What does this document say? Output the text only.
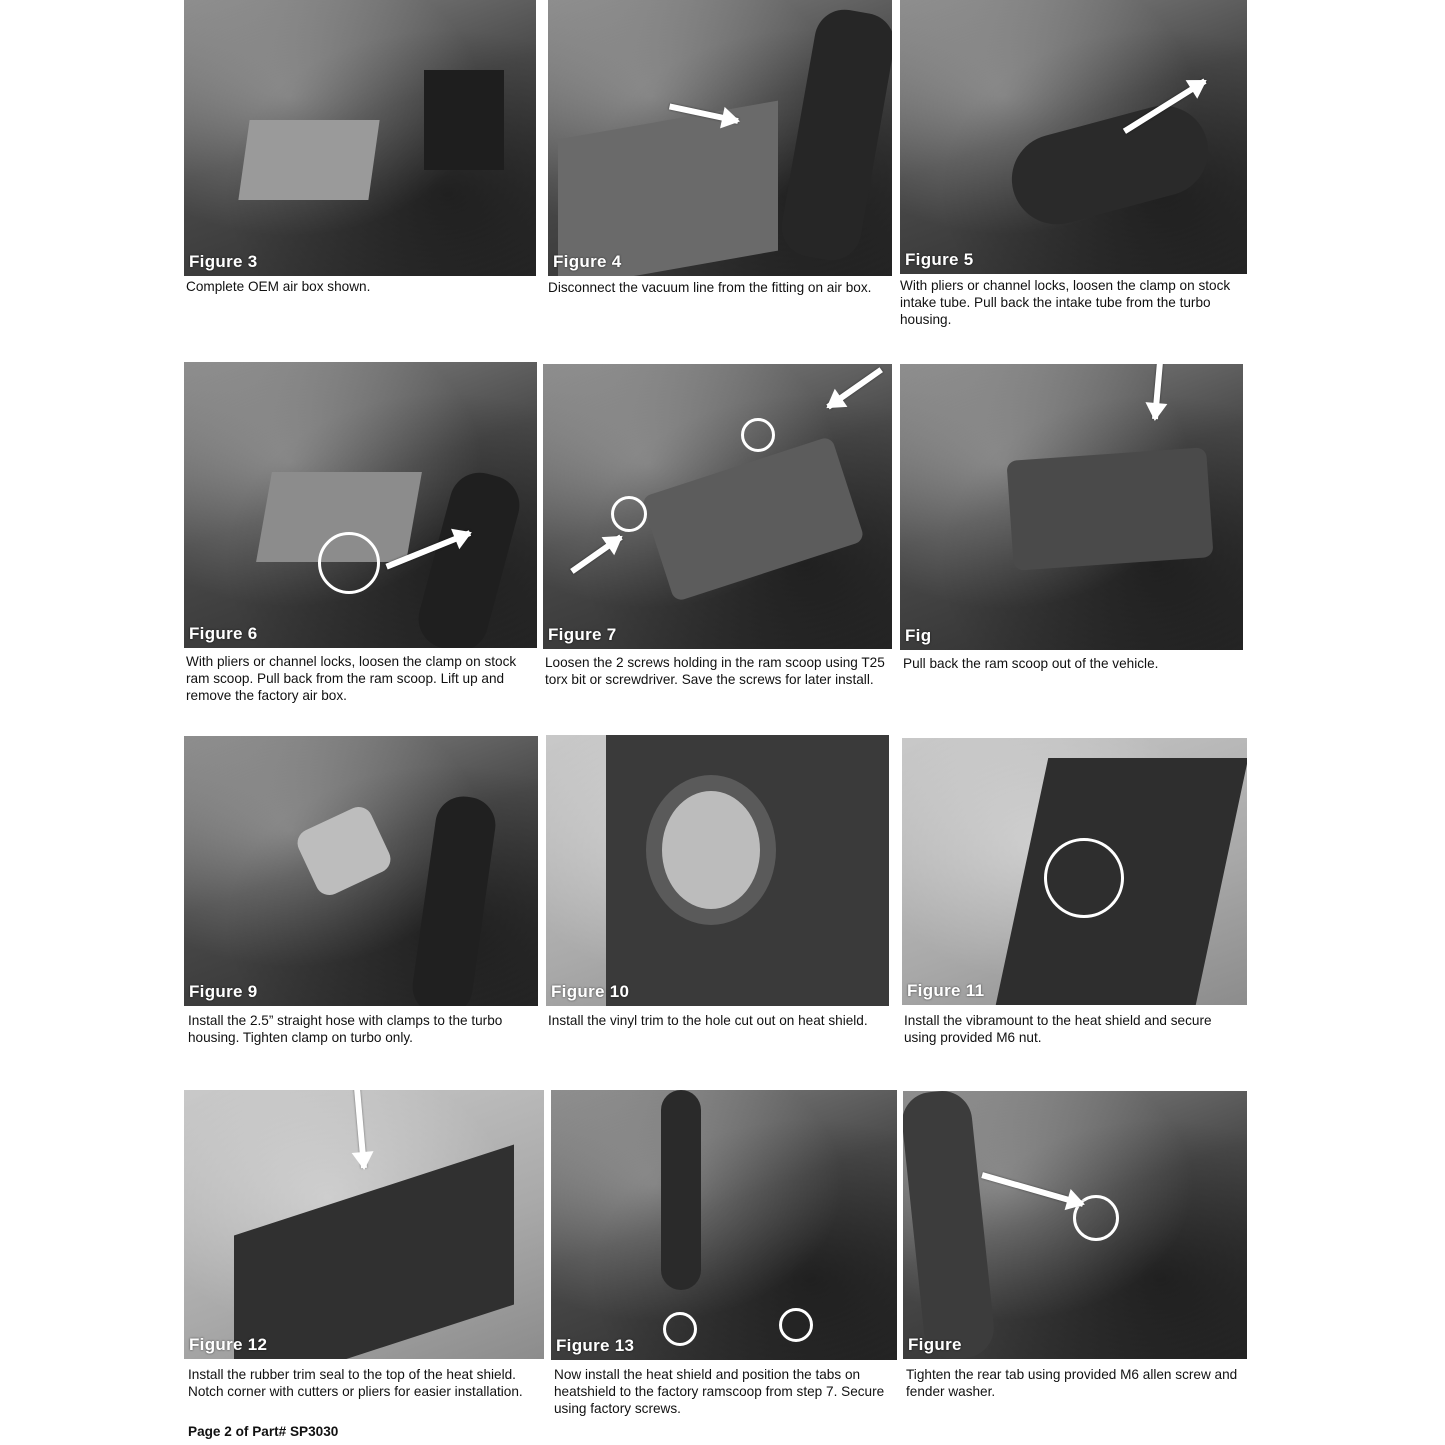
Figure 3

Complete OEM air box shown.

Figure 4

Disconnect the vacuum line from the fitting on air box.

Figure 5

With pliers or channel locks, loosen the clamp on stock intake tube. Pull back the intake tube from the turbo housing.

Figure 6

With pliers or channel locks, loosen the clamp on stock ram scoop. Pull back from the ram scoop. Lift up and remove the factory air box.

Figure 7

Loosen the 2 screws holding in the ram scoop using T25 torx bit or screwdriver. Save the screws for later install.

Fig

Pull back the ram scoop out of the vehicle.

Figure 9

Install the 2.5” straight hose with clamps to the turbo housing. Tighten clamp on turbo only.

Figure 10

Install the vinyl trim to the hole cut out on heat shield.

Figure 11

Install the vibramount to the heat shield and secure using provided M6 nut.

Figure 12

Install the rubber trim seal to the top of the heat shield. Notch corner with cutters or pliers for easier installation.

Figure 13

Now install the heat shield and position the tabs on heatshield to the factory ramscoop from step 7. Secure using factory screws.

Figure

Tighten the rear tab using provided M6 allen screw and fender washer.

Page 2 of Part# SP3030
